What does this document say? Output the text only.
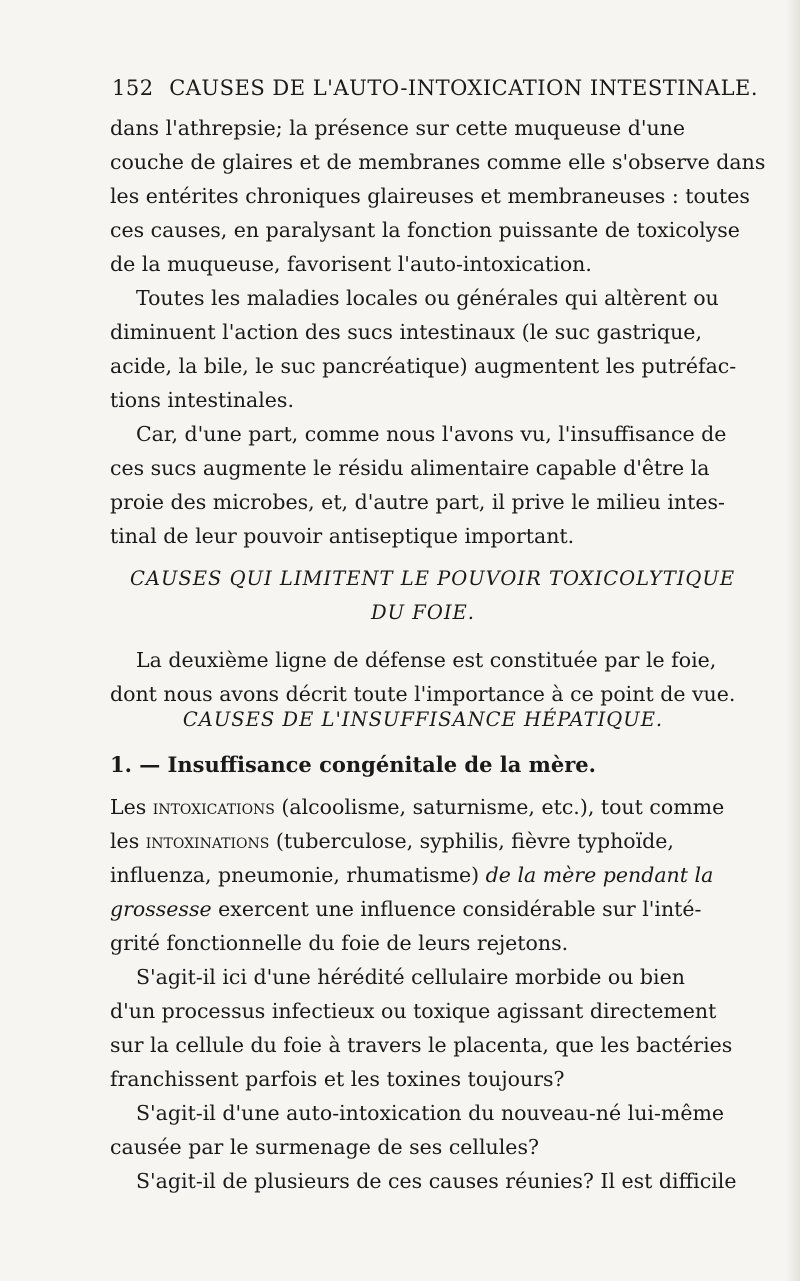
152 CAUSES DE L'AUTO-INTOXICATION INTESTINALE.
dans l'athrepsie; la présence sur cette muqueuse d'une
couche de glaires et de membranes comme elle s'observe dans
les entérites chroniques glaireuses et membraneuses : toutes
ces causes, en paralysant la fonction puissante de toxicolyse
de la muqueuse, favorisent l'auto-intoxication.
Toutes les maladies locales ou générales qui altèrent ou
diminuent l'action des sucs intestinaux (le suc gastrique,
acide, la bile, le suc pancréatique) augmentent les putréfac-
tions intestinales.
Car, d'une part, comme nous l'avons vu, l'insuffisance de
ces sucs augmente le résidu alimentaire capable d'être la
proie des microbes, et, d'autre part, il prive le milieu intes-
tinal de leur pouvoir antiseptique important.
CAUSES QUI LIMITENT LE POUVOIR TOXICOLYTIQUE
DU FOIE.
La deuxième ligne de défense est constituée par le foie,
dont nous avons décrit toute l'importance à ce point de vue.
CAUSES DE L'INSUFFISANCE HÉPATIQUE.
1. — Insuffisance congénitale de la mère.
Les intoxications (alcoolisme, saturnisme, etc.), tout comme
les intoxinations (tuberculose, syphilis, fièvre typhoïde,
influenza, pneumonie, rhumatisme) de la mère pendant la
grossesse exercent une influence considérable sur l'inté-
grité fonctionnelle du foie de leurs rejetons.
S'agit-il ici d'une hérédité cellulaire morbide ou bien
d'un processus infectieux ou toxique agissant directement
sur la cellule du foie à travers le placenta, que les bactéries
franchissent parfois et les toxines toujours?
S'agit-il d'une auto-intoxication du nouveau-né lui-même
causée par le surmenage de ses cellules?
S'agit-il de plusieurs de ces causes réunies? Il est difficile
